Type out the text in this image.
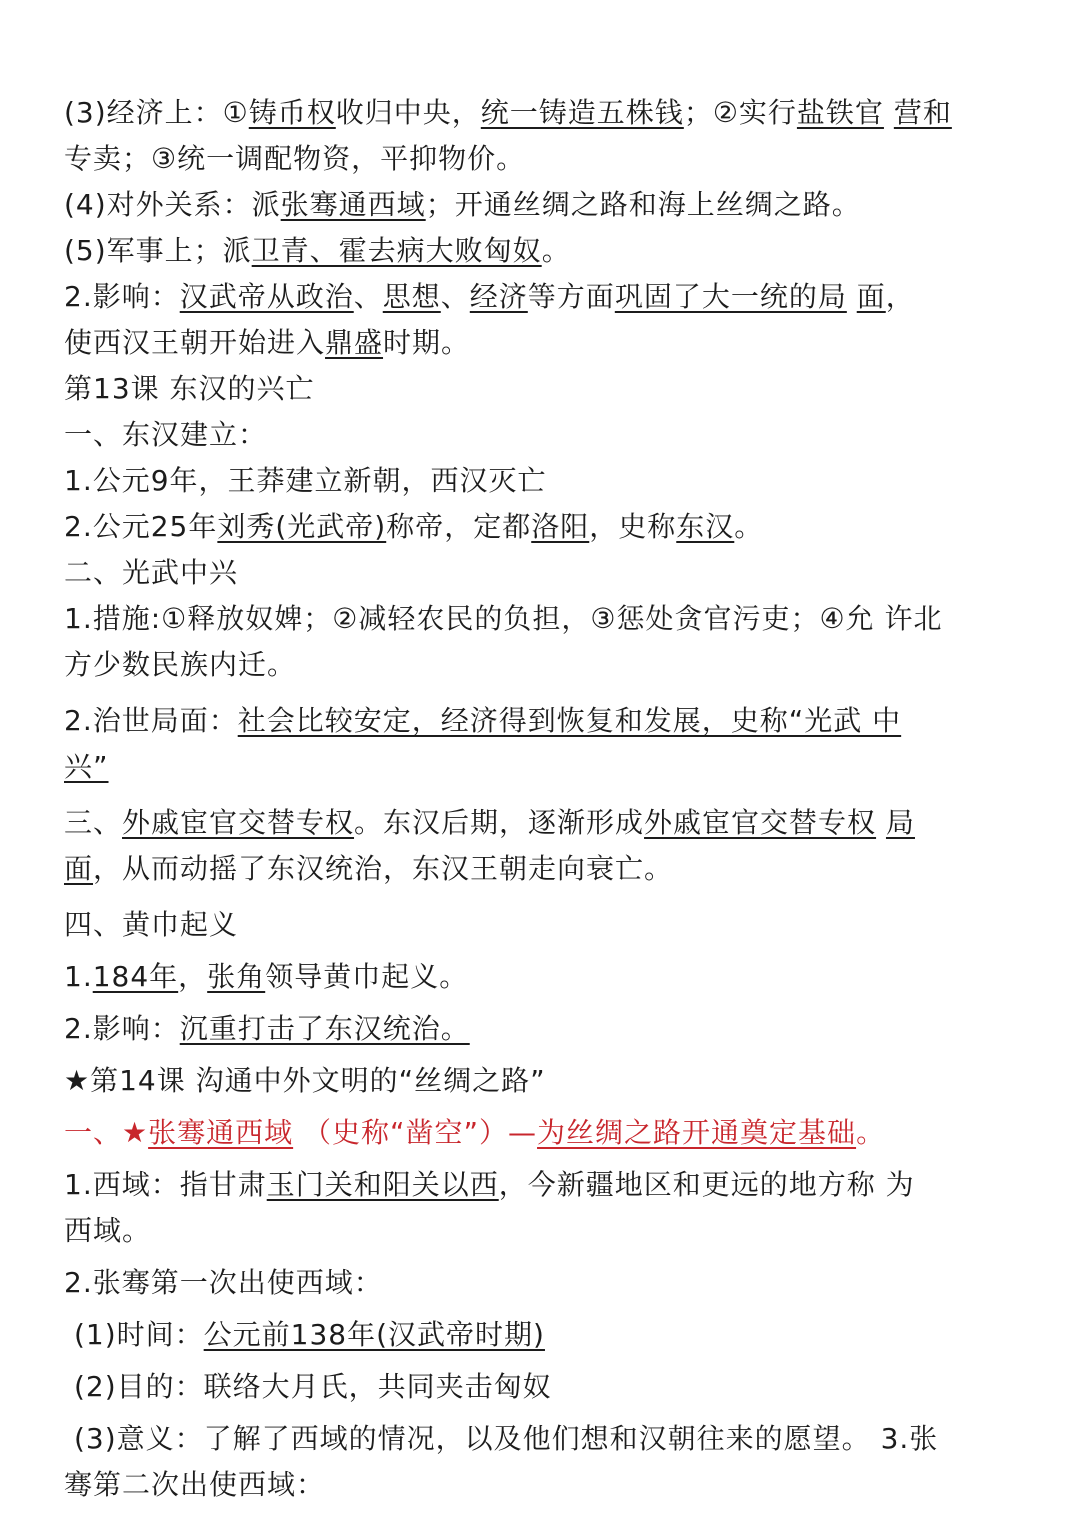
(3)经济上：①铸币权收归中央，统一铸造五株钱；②实行盐铁官 营和

专卖；③统一调配物资，平抑物价。

(4)对外关系：派张骞通西域；开通丝绸之路和海上丝绸之路。

(5)军事上；派卫青、霍去病大败匈奴。

2.影响：汉武帝从政治、思想、经济等方面巩固了大一统的局 面，

使西汉王朝开始进入鼎盛时期。

第13课 东汉的兴亡

一、东汉建立：

1.公元9年，王莽建立新朝，西汉灭亡

2.公元25年刘秀(光武帝)称帝，定都洛阳，史称东汉。

二、光武中兴

1.措施:①释放奴婢；②减轻农民的负担，③惩处贪官污吏；④允 许北

方少数民族内迁。

2.治世局面：社会比较安定，经济得到恢复和发展，史称“光武 中

兴”

三、外戚宦官交替专权。东汉后期，逐渐形成外戚宦官交替专权 局

面，从而动摇了东汉统治，东汉王朝走向衰亡。

四、黄巾起义

1.184年，张角领导黄巾起义。

2.影响：沉重打击了东汉统治。

★第14课 沟通中外文明的“丝绸之路”

一、★张骞通西域 （史称“凿空”）—为丝绸之路开通奠定基础。

1.西域：指甘肃玉门关和阳关以西，今新疆地区和更远的地方称 为

西域。

2.张骞第一次出使西域：

(1)时间：公元前138年(汉武帝时期)

(2)目的：联络大月氏，共同夹击匈奴

(3)意义：了解了西域的情况，以及他们想和汉朝往来的愿望。 3.张

骞第二次出使西域：
